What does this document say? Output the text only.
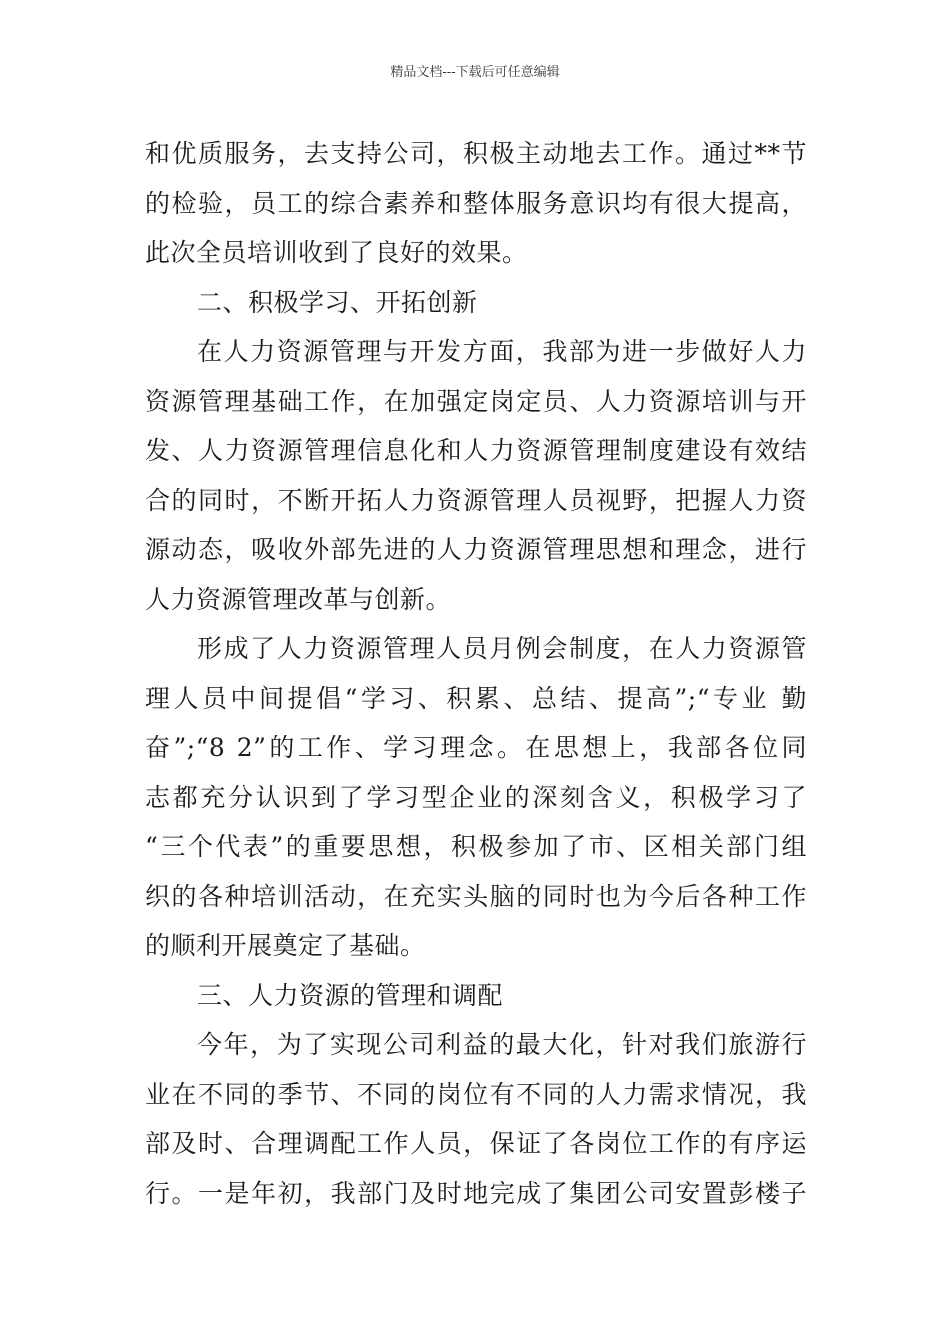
精品文档---下载后可任意编辑
和优质服务，去支持公司，积极主动地去工作。通过**节
的检验，员工的综合素养和整体服务意识均有很大提高，
此次全员培训收到了良好的效果。
二、积极学习、开拓创新
在人力资源管理与开发方面，我部为进一步做好人力
资源管理基础工作，在加强定岗定员、人力资源培训与开
发、人力资源管理信息化和人力资源管理制度建设有效结
合的同时，不断开拓人力资源管理人员视野，把握人力资
源动态，吸收外部先进的人力资源管理思想和理念，进行
人力资源管理改革与创新。
形成了人力资源管理人员月例会制度，在人力资源管
理人员中间提倡“学习、积累、总结、提高”;“专业 勤
奋”;“8 2”的工作、学习理念。在思想上，我部各位同
志都充分认识到了学习型企业的深刻含义，积极学习了
“三个代表”的重要思想，积极参加了市、区相关部门组
织的各种培训活动，在充实头脑的同时也为今后各种工作
的顺利开展奠定了基础。
三、人力资源的管理和调配
今年，为了实现公司利益的最大化，针对我们旅游行
业在不同的季节、不同的岗位有不同的人力需求情况，我
部及时、合理调配工作人员，保证了各岗位工作的有序运
行。一是年初，我部门及时地完成了集团公司安置彭楼子
